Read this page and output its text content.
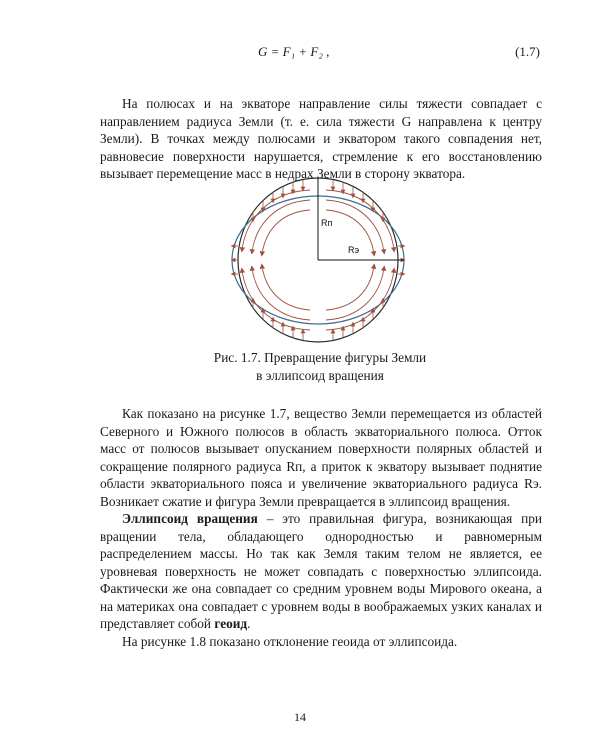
G = F₁ + F₂ ,	(1.7)

На полюсах и на экваторе направление силы тяжести совпадает с направлением радиуса Земли (т. е. сила тяжести G направлена к центру Земли). В точках между полюсами и экватором такого совпадения нет, равновесие поверхности нарушается, стремление к его восстановлению вызывает перемещение масс в недрах Земли в сторону экватора.

Rп
Rэ
Рис. 1.7. Превращение фигуры Земли
в эллипсоид вращения

Как показано на рисунке 1.7, вещество Земли перемещается из областей Северного и Южного полюсов в область экваториального полюса. Отток масс от полюсов вызывает опусканием поверхности полярных областей и сокращение полярного радиуса Rп, а приток к экватору вызывает поднятие области экваториального пояса и увеличение экваториального радиуса Rэ. Возникает сжатие и фигура Земли превращается в эллипсоид вращения.

Эллипсоид вращения – это правильная фигура, возникающая при вращении тела, обладающего однородностью и равномерным распределением массы. Но так как Земля таким телом не является, ее уровневая поверхность не может совпадать с поверхностью эллипсоида. Фактически же она совпадает со средним уровнем воды Мирового океана, а на материках она совпадает с уровнем воды в воображаемых узких каналах и представляет собой геоид.

На рисунке 1.8 показано отклонение геоида от эллипсоида.

14
